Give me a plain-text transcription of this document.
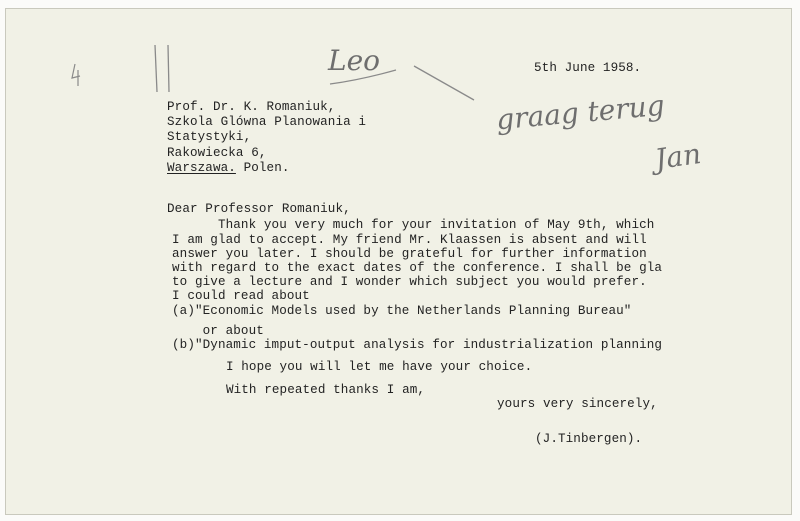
Leo
graag terug
Jan
5th June 1958.
Prof. Dr. K. Romaniuk,
Szkola Glówna Planowania i
Statystyki,
Rakowiecka 6,
Warszawa. Polen.
Dear Professor Romaniuk,
Thank you very much for your invitation of May 9th, which
I am glad to accept. My friend Mr. Klaassen is absent and will
answer you later. I should be grateful for further information
with regard to the exact dates of the conference. I shall be gla
to give a lecture and I wonder which subject you would prefer.
I could read about
(a)"Economic Models used by the Netherlands Planning Bureau"
or about
(b)"Dynamic imput-output analysis for industrialization planning
I hope you will let me have your choice.
With repeated thanks I am,
yours very sincerely,
(J.Tinbergen).
